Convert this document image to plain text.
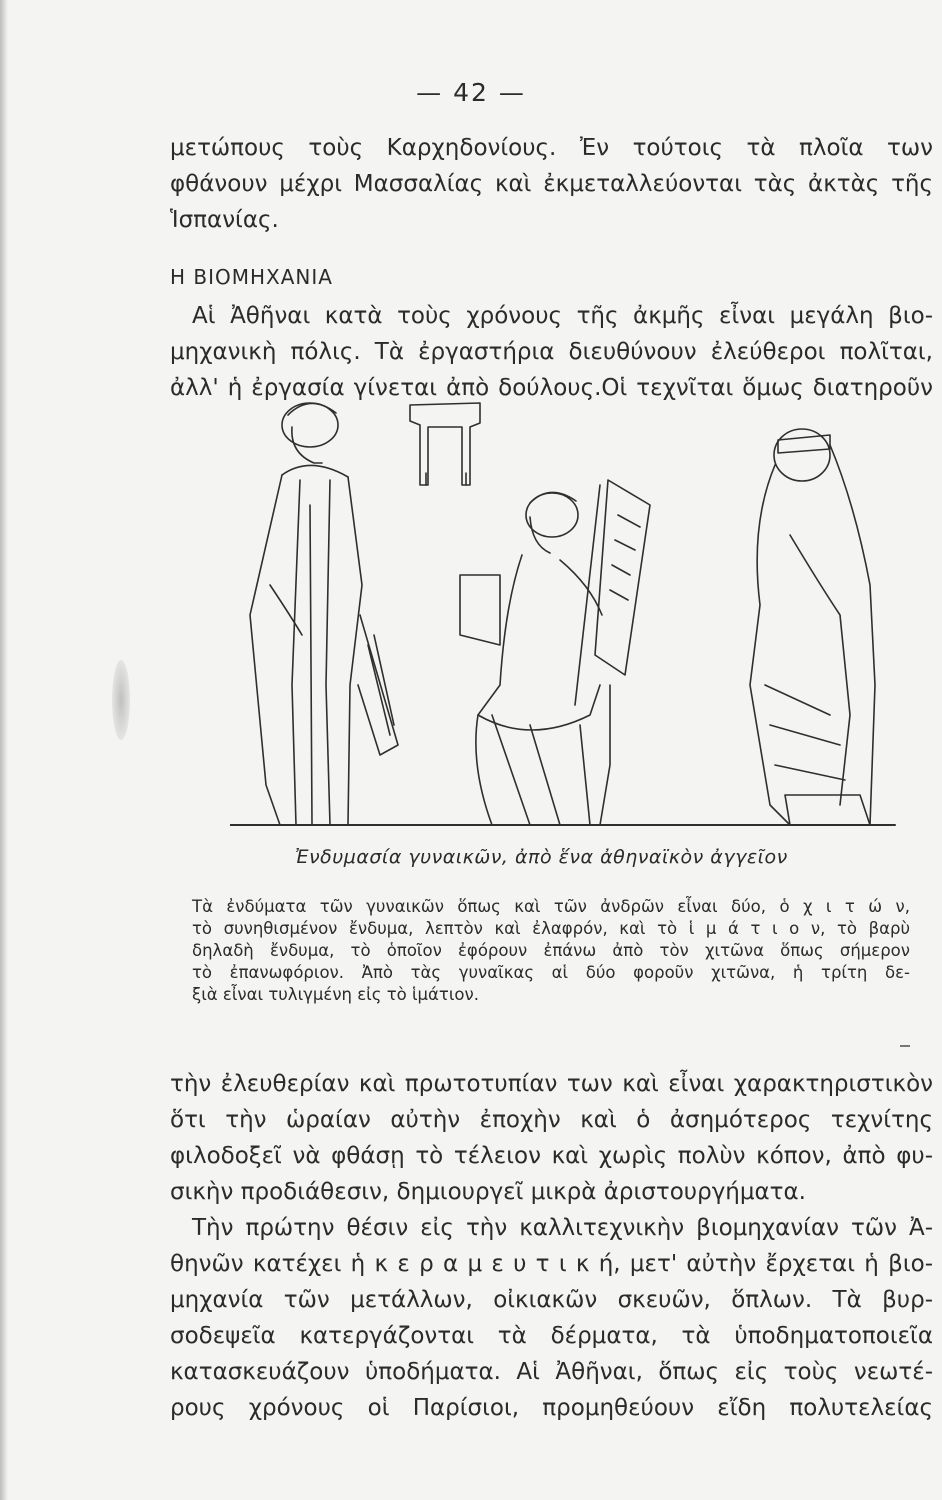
— 42 —
μετώπους τοὺς Καρχηδονίους. Ἐν τούτοις τὰ πλοῖα των
φθάνουν μέχρι Μασσαλίας καὶ ἐκμεταλλεύονται τὰς ἀκτὰς τῆς
Ἱσπανίας.
Η ΒΙΟΜΗΧΑΝΙΑ
Αἱ Ἀθῆναι κατὰ τοὺς χρόνους τῆς ἀκμῆς εἶναι μεγάλη βιο-
μηχανικὴ πόλις. Τὰ ἐργαστήρια διευθύνουν ἐλεύθεροι πολῖται,
ἀλλ' ἡ ἐργασία γίνεται ἀπὸ δούλους.Οἱ τεχνῖται ὅμως διατηροῦν
Ἐνδυμασία γυναικῶν, ἀπὸ ἕνα ἀθηναϊκὸν ἀγγεῖον
Τὰ ἐνδύματα τῶν γυναικῶν ὅπως καὶ τῶν ἀνδρῶν εἶναι δύο, ὁ χ ι τ ώ ν,
τὸ συνηθισμένον ἔνδυμα, λεπτὸν καὶ ἐλαφρόν, καὶ τὸ ἱ μ ά τ ι ο ν, τὸ βαρὺ
δηλαδὴ ἔνδυμα, τὸ ὁποῖον ἐφόρουν ἐπάνω ἀπὸ τὸν χιτῶνα ὅπως σήμερον
τὸ ἐπανωφόριον. Ἀπὸ τὰς γυναῖκας αἱ δύο φοροῦν χιτῶνα, ἡ τρίτη δε-
ξιὰ εἶναι τυλιγμένη εἰς τὸ ἱμάτιον.
τὴν ἐλευθερίαν καὶ πρωτοτυπίαν των καὶ εἶναι χαρακτηριστικὸν
ὅτι τὴν ὡραίαν αὐτὴν ἐποχὴν καὶ ὁ ἀσημότερος τεχνίτης
φιλοδοξεῖ νὰ φθάσῃ τὸ τέλειον καὶ χωρὶς πολὺν κόπον, ἀπὸ φυ-
σικὴν προδιάθεσιν, δημιουργεῖ μικρὰ ἀριστουργήματα.
Τὴν πρώτην θέσιν εἰς τὴν καλλιτεχνικὴν βιομηχανίαν τῶν Ἀ-
θηνῶν κατέχει ἡ κ ε ρ α μ ε υ τ ι κ ή, μετ' αὐτὴν ἔρχεται ἡ βιο-
μηχανία τῶν μετάλλων, οἰκιακῶν σκευῶν, ὅπλων. Τὰ βυρ-
σοδεψεῖα κατεργάζονται τὰ δέρματα, τὰ ὑποδηματοποιεῖα
κατασκευάζουν ὑποδήματα. Αἱ Ἀθῆναι, ὅπως εἰς τοὺς νεωτέ-
ρους χρόνους οἱ Παρίσιοι, προμηθεύουν εἴδη πολυτελείας
